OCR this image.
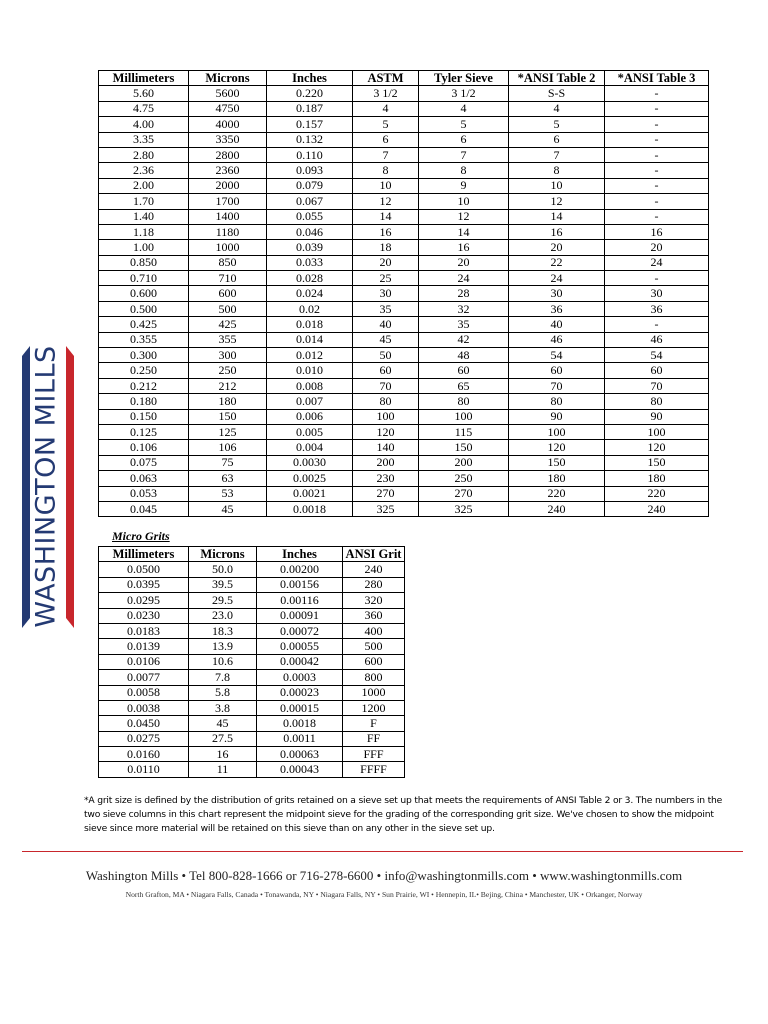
WASHINGTON MILLS
Millimeters	Microns	Inches	ASTM	Tyler Sieve	*ANSI Table 2	*ANSI Table 3
5.60	5600	0.220	3 1/2	3 1/2	S-S	-
4.75	4750	0.187	4	4	4	-
4.00	4000	0.157	5	5	5	-
3.35	3350	0.132	6	6	6	-
2.80	2800	0.110	7	7	7	-
2.36	2360	0.093	8	8	8	-
2.00	2000	0.079	10	9	10	-
1.70	1700	0.067	12	10	12	-
1.40	1400	0.055	14	12	14	-
1.18	1180	0.046	16	14	16	16
1.00	1000	0.039	18	16	20	20
0.850	850	0.033	20	20	22	24
0.710	710	0.028	25	24	24	-
0.600	600	0.024	30	28	30	30
0.500	500	0.02	35	32	36	36
0.425	425	0.018	40	35	40	-
0.355	355	0.014	45	42	46	46
0.300	300	0.012	50	48	54	54
0.250	250	0.010	60	60	60	60
0.212	212	0.008	70	65	70	70
0.180	180	0.007	80	80	80	80
0.150	150	0.006	100	100	90	90
0.125	125	0.005	120	115	100	100
0.106	106	0.004	140	150	120	120
0.075	75	0.0030	200	200	150	150
0.063	63	0.0025	230	250	180	180
0.053	53	0.0021	270	270	220	220
0.045	45	0.0018	325	325	240	240
Micro Grits
Millimeters	Microns	Inches	ANSI Grit
0.0500	50.0	0.00200	240
0.0395	39.5	0.00156	280
0.0295	29.5	0.00116	320
0.0230	23.0	0.00091	360
0.0183	18.3	0.00072	400
0.0139	13.9	0.00055	500
0.0106	10.6	0.00042	600
0.0077	7.8	0.0003	800
0.0058	5.8	0.00023	1000
0.0038	3.8	0.00015	1200
0.0450	45	0.0018	F
0.0275	27.5	0.0011	FF
0.0160	16	0.00063	FFF
0.0110	11	0.00043	FFFF
*A grit size is defined by the distribution of grits retained on a sieve set up that meets the requirements of ANSI Table 2 or 3. The numbers in the two sieve columns in this chart represent the midpoint sieve for the grading of the corresponding grit size. We've chosen to show the midpoint sieve since more material will be retained on this sieve than on any other in the sieve set up.
Washington Mills • Tel 800-828-1666 or 716-278-6600 • info@washingtonmills.com • www.washingtonmills.com
North Grafton, MA • Niagara Falls, Canada • Tonawanda, NY • Niagara Falls, NY • Sun Prairie, WI • Hennepin, IL• Bejing, China • Manchester, UK • Orkanger, Norway
